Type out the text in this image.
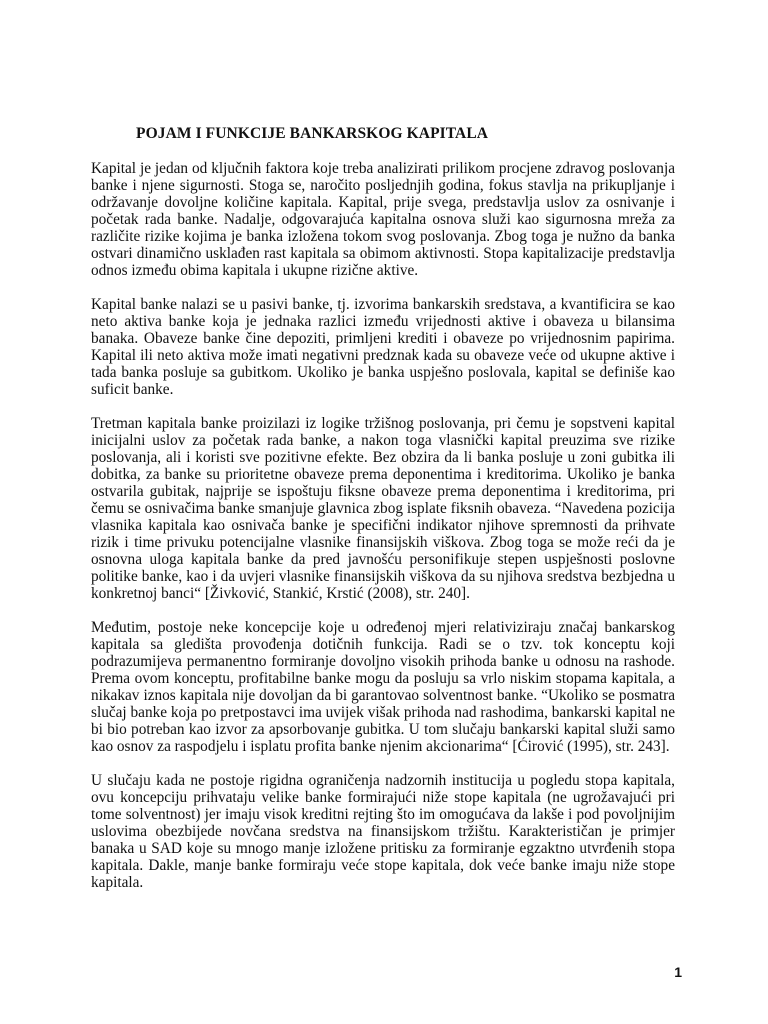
POJAM I FUNKCIJE BANKARSKOG KAPITALA

Kapital je jedan od ključnih faktora koje treba analizirati prilikom procjene zdravog poslovanja banke i njene sigurnosti. Stoga se, naročito posljednjih godina, fokus stavlja na prikupljanje i održavanje dovoljne količine kapitala. Kapital, prije svega, predstavlja uslov za osnivanje i početak rada banke. Nadalje, odgovarajuća kapitalna osnova služi kao sigurnosna mreža za različite rizike kojima je banka izložena tokom svog poslovanja. Zbog toga je nužno da banka ostvari dinamično usklađen rast kapitala sa obimom aktivnosti. Stopa kapitalizacije predstavlja odnos između obima kapitala i ukupne rizične aktive.

Kapital banke nalazi se u pasivi banke, tj. izvorima bankarskih sredstava, a kvantificira se kao neto aktiva banke koja je jednaka razlici između vrijednosti aktive i obaveza u bilansima banaka. Obaveze banke čine depoziti, primljeni krediti i obaveze po vrijednosnim papirima. Kapital ili neto aktiva može imati negativni predznak kada su obaveze veće od ukupne aktive i tada banka posluje sa gubitkom. Ukoliko je banka uspješno poslovala, kapital se definiše kao suficit banke.

Tretman kapitala banke proizilazi iz logike tržišnog poslovanja, pri čemu je sopstveni kapital inicijalni uslov za početak rada banke, a nakon toga vlasnički kapital preuzima sve rizike poslovanja, ali i koristi sve pozitivne efekte. Bez obzira da li banka posluje u zoni gubitka ili dobitka, za banke su prioritetne obaveze prema deponentima i kreditorima. Ukoliko je banka ostvarila gubitak, najprije se ispoštuju fiksne obaveze prema deponentima i kreditorima, pri čemu se osnivačima banke smanjuje glavnica zbog isplate fiksnih obaveza. “Navedena pozicija vlasnika kapitala kao osnivača banke je specifični indikator njihove spremnosti da prihvate rizik i time privuku potencijalne vlasnike finansijskih viškova. Zbog toga se može reći da je osnovna uloga kapitala banke da pred javnošću personifikuje stepen uspješnosti poslovne politike banke, kao i da uvjeri vlasnike finansijskih viškova da su njihova sredstva bezbjedna u konkretnoj banci“ [Živković, Stankić, Krstić (2008), str. 240].

Međutim, postoje neke koncepcije koje u određenoj mjeri relativiziraju značaj bankarskog kapitala sa gledišta provođenja dotičnih funkcija. Radi se o tzv. tok konceptu koji podrazumijeva permanentno formiranje dovoljno visokih prihoda banke u odnosu na rashode. Prema ovom konceptu, profitabilne banke mogu da posluju sa vrlo niskim stopama kapitala, a nikakav iznos kapitala nije dovoljan da bi garantovao solventnost banke. “Ukoliko se posmatra slučaj banke koja po pretpostavci ima uvijek višak prihoda nad rashodima, bankarski kapital ne bi bio potreban kao izvor za apsorbovanje gubitka. U tom slučaju bankarski kapital služi samo kao osnov za raspodjelu i isplatu profita banke njenim akcionarima“ [Ćirović (1995), str. 243].

U slučaju kada ne postoje rigidna ograničenja nadzornih institucija u pogledu stopa kapitala, ovu koncepciju prihvataju velike banke formirajući niže stope kapitala (ne ugrožavajući pri tome solventnost) jer imaju visok kreditni rejting što im omogućava da lakše i pod povoljnijim uslovima obezbijede novčana sredstva na finansijskom tržištu. Karakterističan je primjer banaka u SAD koje su mnogo manje izložene pritisku za formiranje egzaktno utvrđenih stopa kapitala. Dakle, manje banke formiraju veće stope kapitala, dok veće banke imaju niže stope kapitala.

1
